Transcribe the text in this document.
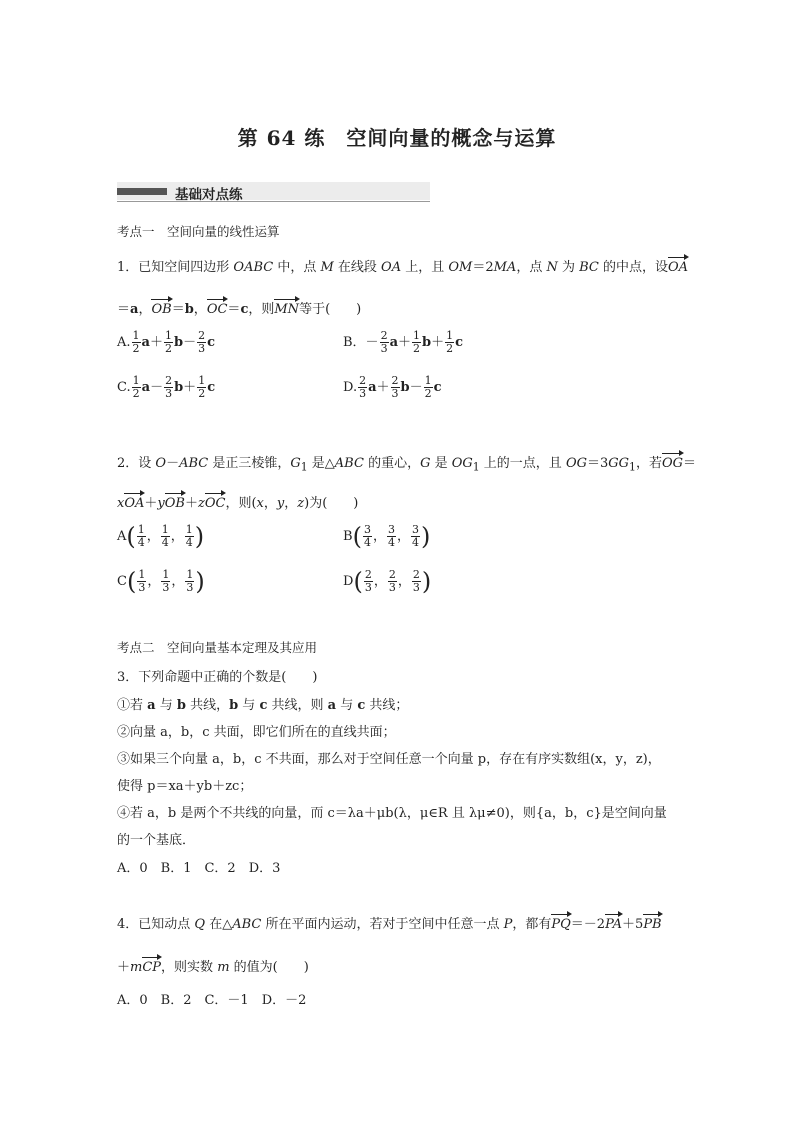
第 64 练　空间向量的概念与运算
基础对点练
考点一　空间向量的线性运算
1．已知空间四边形 OABC 中，点 M 在线段 OA 上，且 OM＝2MA，点 N 为 BC 的中点，设OA
＝a，OB＝b，OC＝c，则MN等于(　　)
A. $\frac{1}{2} a+ \frac{1}{2} b- \frac{2}{3}$ c	B．－ $\frac{2}{3} a+ \frac{1}{2} b+ \frac{1}{2}$ c
C. $\frac{1}{2} a- \frac{2}{3} b+ \frac{1}{2}$ c	D. $\frac{2}{3} a+ \frac{2}{3} b- \frac{1}{2}$ c
2．设 O－ABC 是正三棱锥，$G_1$ 是△ABC 的重心，G 是 $OG_1$ 上的一点，且 $OG=3GG_1$，若OG＝
xOA＋yOB＋zOC，则(x，y，z)为(　　)
$A( \frac{1}{4}$ ， $\frac{1}{4}$ ， $\frac{1}{4}$ )	$B( \frac{3}{4}$ ， $\frac{3}{4}$ ， $\frac{3}{4}$ )
$C( \frac{1}{3}$ ， $\frac{1}{3}$ ， $\frac{1}{3}$ )	$D( \frac{2}{3}$ ， $\frac{2}{3}$ ， $\frac{2}{3}$ )
考点二　空间向量基本定理及其应用
3．下列命题中正确的个数是(　　)
①若 a 与 b 共线，b 与 c 共线，则 a 与 c 共线；
②向量 a，b，c 共面，即它们所在的直线共面；
③如果三个向量 a，b，c 不共面，那么对于空间任意一个向量 p，存在有序实数组(x，y，z)，
使得 p＝xa＋yb＋zc；
④若 a，b 是两个不共线的向量，而 c＝λa＋μb(λ，μ∈R 且 λμ≠0)，则{a，b，c}是空间向量
的一个基底．
A．0　B．1　C．2　D．3
4．已知动点 Q 在△ABC 所在平面内运动，若对于空间中任意一点 P，都有PQ＝－2PA＋5PB
＋mCP，则实数 m 的值为(　　)
A．0　B．2　C．－1　D．－2
